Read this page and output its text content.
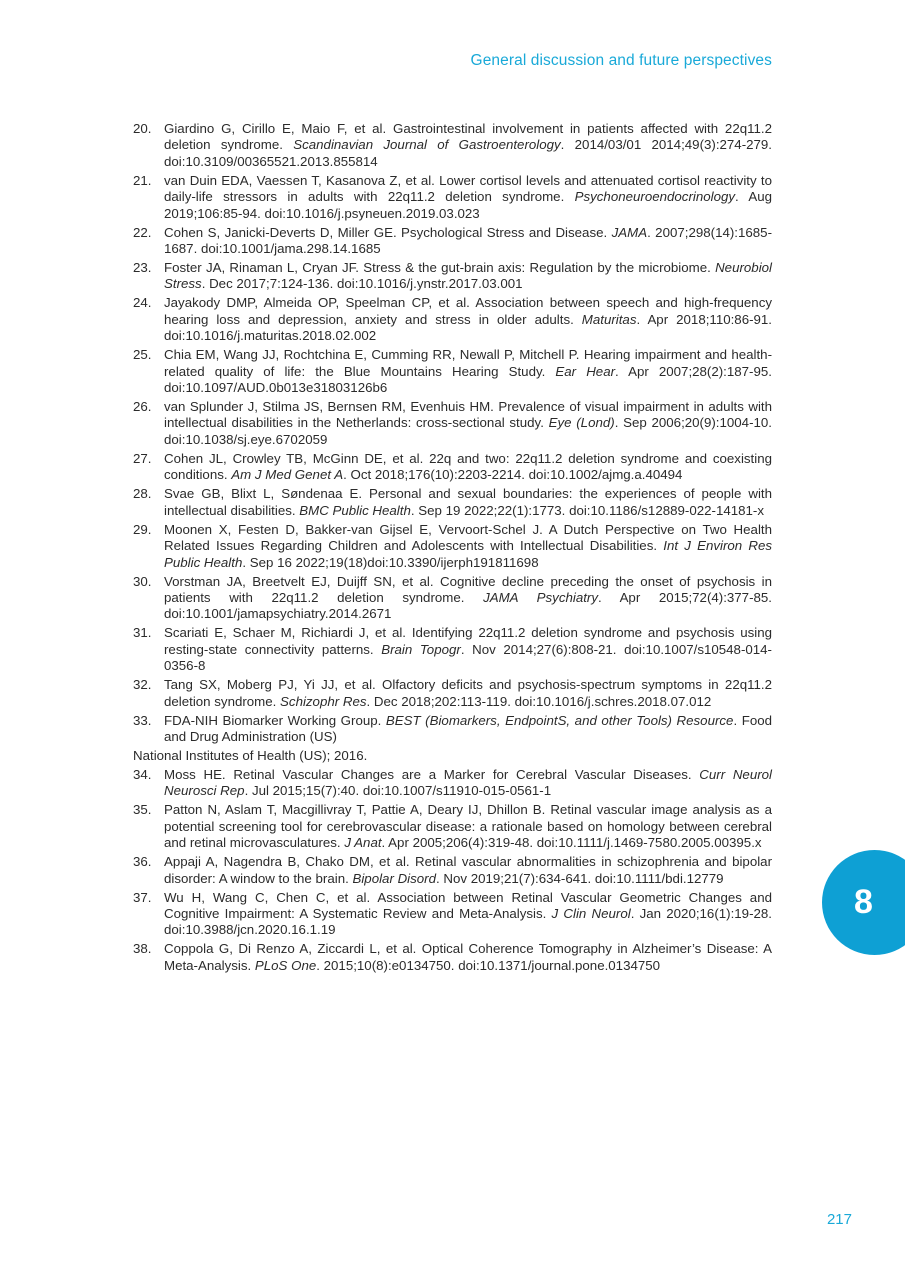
General discussion and future perspectives
20. Giardino G, Cirillo E, Maio F, et al. Gastrointestinal involvement in patients affected with 22q11.2 deletion syndrome. Scandinavian Journal of Gastroenterology. 2014/03/01 2014;49(3):274-279. doi:10.3109/00365521.2013.855814
21. van Duin EDA, Vaessen T, Kasanova Z, et al. Lower cortisol levels and attenuated cortisol reactivity to daily-life stressors in adults with 22q11.2 deletion syndrome. Psychoneuroendocrinology. Aug 2019;106:85-94. doi:10.1016/j.psyneuen.2019.03.023
22. Cohen S, Janicki-Deverts D, Miller GE. Psychological Stress and Disease. JAMA. 2007;298(14):1685-1687. doi:10.1001/jama.298.14.1685
23. Foster JA, Rinaman L, Cryan JF. Stress & the gut-brain axis: Regulation by the microbiome. Neurobiol Stress. Dec 2017;7:124-136. doi:10.1016/j.ynstr.2017.03.001
24. Jayakody DMP, Almeida OP, Speelman CP, et al. Association between speech and high-frequency hearing loss and depression, anxiety and stress in older adults. Maturitas. Apr 2018;110:86-91. doi:10.1016/j.maturitas.2018.02.002
25. Chia EM, Wang JJ, Rochtchina E, Cumming RR, Newall P, Mitchell P. Hearing impairment and health-related quality of life: the Blue Mountains Hearing Study. Ear Hear. Apr 2007;28(2):187-95. doi:10.1097/AUD.0b013e31803126b6
26. van Splunder J, Stilma JS, Bernsen RM, Evenhuis HM. Prevalence of visual impairment in adults with intellectual disabilities in the Netherlands: cross-sectional study. Eye (Lond). Sep 2006;20(9):1004-10. doi:10.1038/sj.eye.6702059
27. Cohen JL, Crowley TB, McGinn DE, et al. 22q and two: 22q11.2 deletion syndrome and coexisting conditions. Am J Med Genet A. Oct 2018;176(10):2203-2214. doi:10.1002/ajmg.a.40494
28. Svae GB, Blixt L, Søndenaa E. Personal and sexual boundaries: the experiences of people with intellectual disabilities. BMC Public Health. Sep 19 2022;22(1):1773. doi:10.1186/s12889-022-14181-x
29. Moonen X, Festen D, Bakker-van Gijsel E, Vervoort-Schel J. A Dutch Perspective on Two Health Related Issues Regarding Children and Adolescents with Intellectual Disabilities. Int J Environ Res Public Health. Sep 16 2022;19(18)doi:10.3390/ijerph191811698
30. Vorstman JA, Breetvelt EJ, Duijff SN, et al. Cognitive decline preceding the onset of psychosis in patients with 22q11.2 deletion syndrome. JAMA Psychiatry. Apr 2015;72(4):377-85. doi:10.1001/jamapsychiatry.2014.2671
31. Scariati E, Schaer M, Richiardi J, et al. Identifying 22q11.2 deletion syndrome and psychosis using resting-state connectivity patterns. Brain Topogr. Nov 2014;27(6):808-21. doi:10.1007/s10548-014-0356-8
32. Tang SX, Moberg PJ, Yi JJ, et al. Olfactory deficits and psychosis-spectrum symptoms in 22q11.2 deletion syndrome. Schizophr Res. Dec 2018;202:113-119. doi:10.1016/j.schres.2018.07.012
33. FDA-NIH Biomarker Working Group. BEST (Biomarkers, EndpointS, and other Tools) Resource. Food and Drug Administration (US)
National Institutes of Health (US); 2016.
34. Moss HE. Retinal Vascular Changes are a Marker for Cerebral Vascular Diseases. Curr Neurol Neurosci Rep. Jul 2015;15(7):40. doi:10.1007/s11910-015-0561-1
35. Patton N, Aslam T, Macgillivray T, Pattie A, Deary IJ, Dhillon B. Retinal vascular image analysis as a potential screening tool for cerebrovascular disease: a rationale based on homology between cerebral and retinal microvasculatures. J Anat. Apr 2005;206(4):319-48. doi:10.1111/j.1469-7580.2005.00395.x
36. Appaji A, Nagendra B, Chako DM, et al. Retinal vascular abnormalities in schizophrenia and bipolar disorder: A window to the brain. Bipolar Disord. Nov 2019;21(7):634-641. doi:10.1111/bdi.12779
37. Wu H, Wang C, Chen C, et al. Association between Retinal Vascular Geometric Changes and Cognitive Impairment: A Systematic Review and Meta-Analysis. J Clin Neurol. Jan 2020;16(1):19-28. doi:10.3988/jcn.2020.16.1.19
38. Coppola G, Di Renzo A, Ziccardi L, et al. Optical Coherence Tomography in Alzheimer’s Disease: A Meta-Analysis. PLoS One. 2015;10(8):e0134750. doi:10.1371/journal.pone.0134750
8
217
